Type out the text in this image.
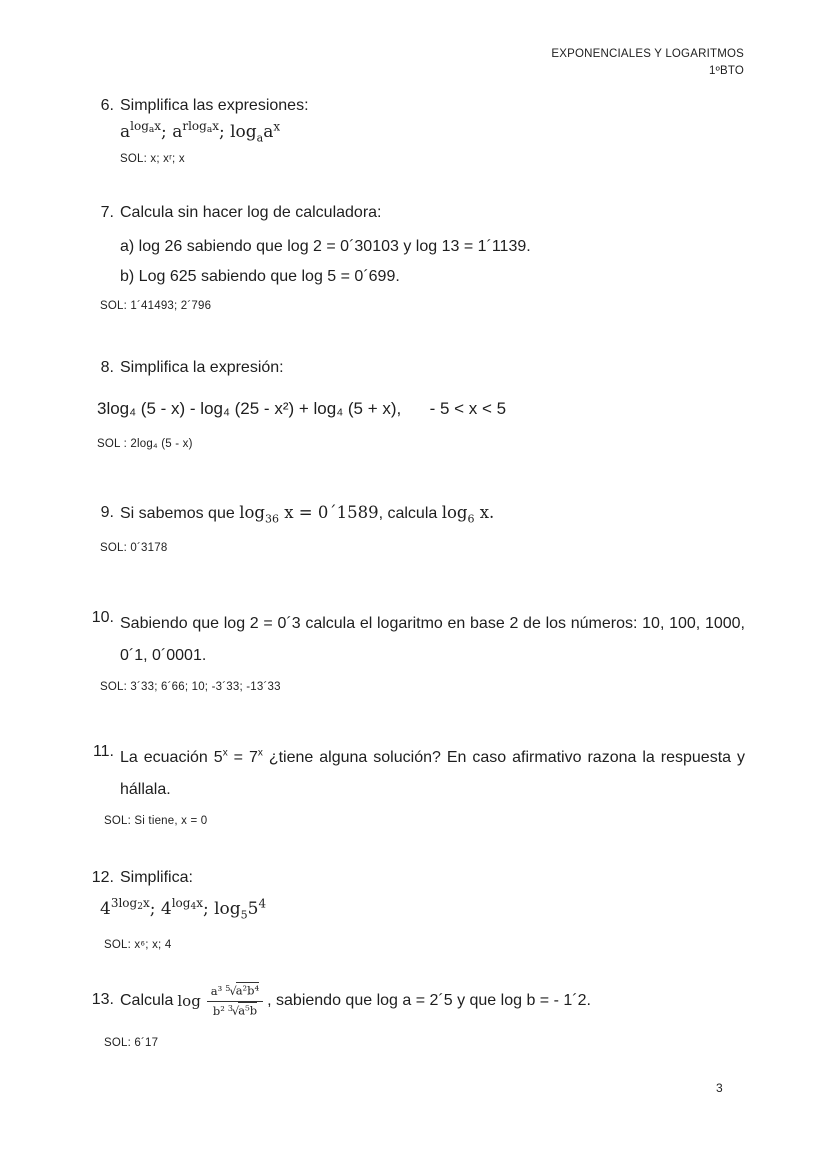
EXPONENCIALES Y LOGARITMOS
1ºBTO
6. Simplifica las expresiones:
$a^{log_ax}$; $a^{rlog_ax}$; $\log_aa^x$
SOL: x; xʳ; x
7. Calcula sin hacer log de calculadora:
a) log 26 sabiendo que log 2 = 0´30103 y log 13 = 1´1139.
b) Log 625 sabiendo que log 5 = 0´699.
SOL: 1´41493; 2´796
8. Simplifica la expresión:
3log₄ (5 - x) - log₄ (25 - x²) + log₄ (5 + x),      - 5 < x < 5
SOL : 2log₄ (5 - x)
9. Si sabemos que $\log_{36} x$ = 0´1589, calcula $\log_6 x$.
SOL: 0´3178
10. Sabiendo que log 2 = 0´3 calcula el logaritmo en base 2 de los números: 10, 100, 1000, 0´1, 0´0001.

SOL: 3´33; 6´66; 10; -3´33; -13´33
11. La ecuación $5^x = 7^x$ ¿tiene alguna solución? En caso afirmativo razona la respuesta y hállala.

SOL: Si tiene, x = 0
12. Simplifica:
$4^{3log_2x}$; $4^{log_4x}$; $\log_55^4$
SOL: x⁶; x; 4
13. Calcula $\log \frac{a^3 ^5√a^2b^4}{b^2 ^3√a^5b}$ , sabiendo que log a = 2´5 y que log b = - 1´2.
SOL: 6´17
3
